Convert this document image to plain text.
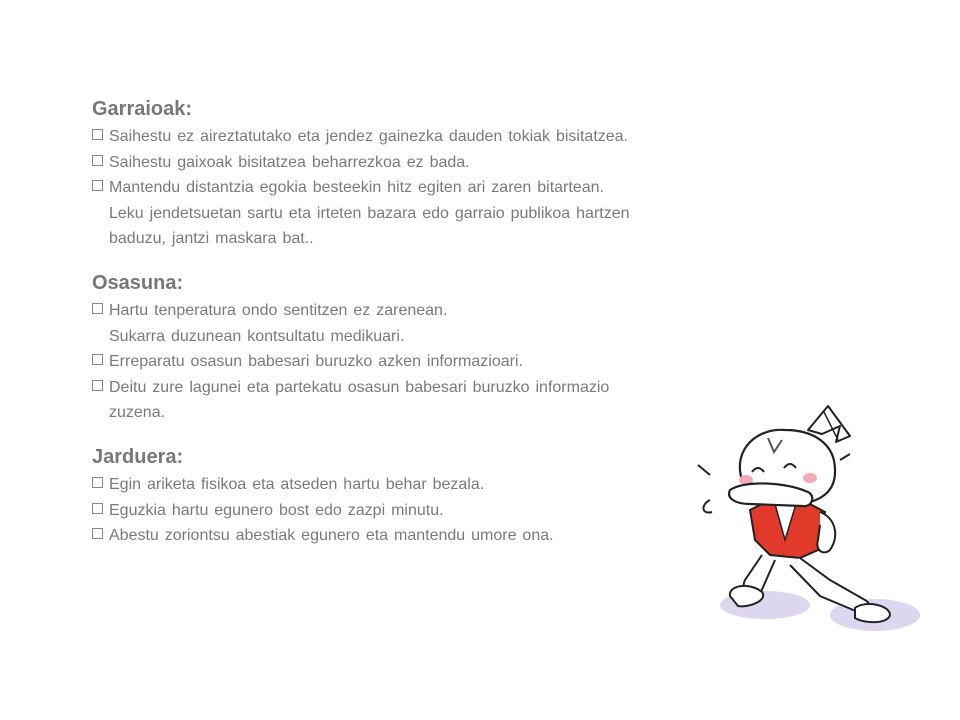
Garraioak:
Saihestu ez aireztatutako eta jendez gainezka dauden tokiak bisitatzea.
Saihestu gaixoak bisitatzea beharrezkoa ez bada.
Mantendu distantzia egokia besteekin hitz egiten ari zaren bitartean.
Leku jendetsuetan sartu eta irteten bazara edo garraio publikoa hartzen
baduzu, jantzi maskara bat..
Osasuna:
Hartu tenperatura ondo sentitzen ez zarenean.
Sukarra duzunean kontsultatu medikuari.
Erreparatu osasun babesari buruzko azken informazioari.
Deitu zure lagunei eta partekatu osasun babesari buruzko informazio
zuzena.
Jarduera:
Egin ariketa fisikoa eta atseden hartu behar bezala.
Eguzkia hartu egunero bost edo zazpi minutu.
Abestu zoriontsu abestiak egunero eta mantendu umore ona.
